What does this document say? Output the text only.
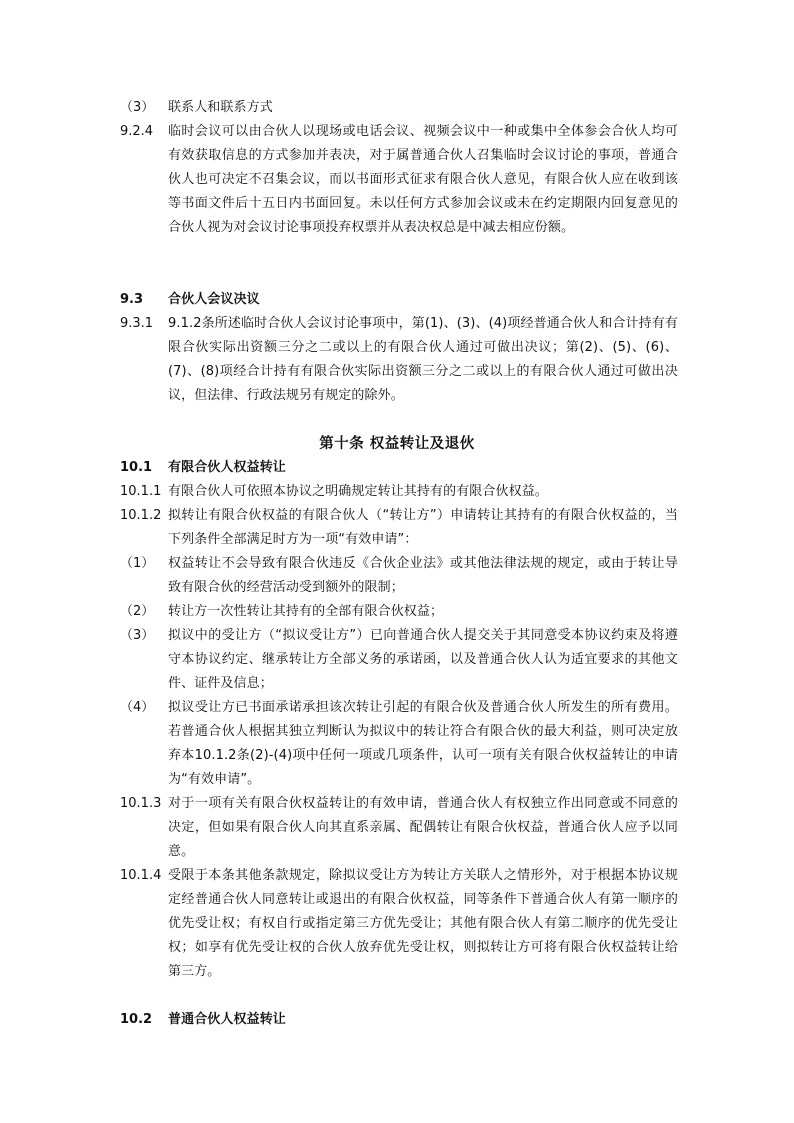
（3） 联系人和联系方式
9.2.4 临时会议可以由合伙人以现场或电话会议、视频会议中一种或集中全体参会合伙人均可有效获取信息的方式参加并表决，对于属普通合伙人召集临时会议讨论的事项，普通合伙人也可决定不召集会议，而以书面形式征求有限合伙人意见，有限合伙人应在收到该等书面文件后十五日内书面回复。未以任何方式参加会议或未在约定期限内回复意见的合伙人视为对会议讨论事项投弃权票并从表决权总是中减去相应份额。
9.3 合伙人会议决议
9.3.1 9.1.2条所述临时合伙人会议讨论事项中，第(1)、(3)、(4)项经普通合伙人和合计持有有限合伙实际出资额三分之二或以上的有限合伙人通过可做出决议；第(2)、(5)、(6)、(7)、(8)项经合计持有有限合伙实际出资额三分之二或以上的有限合伙人通过可做出决议，但法律、行政法规另有规定的除外。
第十条 权益转让及退伙
10.1 有限合伙人权益转让
10.1.1 有限合伙人可依照本协议之明确规定转让其持有的有限合伙权益。
10.1.2 拟转让有限合伙权益的有限合伙人（“转让方”）申请转让其持有的有限合伙权益的，当下列条件全部满足时方为一项“有效申请”：
（1） 权益转让不会导致有限合伙违反《合伙企业法》或其他法律法规的规定，或由于转让导致有限合伙的经营活动受到额外的限制；
（2） 转让方一次性转让其持有的全部有限合伙权益；
（3） 拟议中的受让方（“拟议受让方”）已向普通合伙人提交关于其同意受本协议约束及将遵守本协议约定、继承转让方全部义务的承诺函，以及普通合伙人认为适宜要求的其他文件、证件及信息；
（4） 拟议受让方已书面承诺承担该次转让引起的有限合伙及普通合伙人所发生的所有费用。若普通合伙人根据其独立判断认为拟议中的转让符合有限合伙的最大利益，则可决定放弃本10.1.2条(2)-(4)项中任何一项或几项条件，认可一项有关有限合伙权益转让的申请为“有效申请”。
10.1.3 对于一项有关有限合伙权益转让的有效申请，普通合伙人有权独立作出同意或不同意的决定，但如果有限合伙人向其直系亲属、配偶转让有限合伙权益，普通合伙人应予以同意。
10.1.4 受限于本条其他条款规定，除拟议受让方为转让方关联人之情形外，对于根据本协议规定经普通合伙人同意转让或退出的有限合伙权益，同等条件下普通合伙人有第一顺序的优先受让权；有权自行或指定第三方优先受让；其他有限合伙人有第二顺序的优先受让权；如享有优先受让权的合伙人放弃优先受让权，则拟转让方可将有限合伙权益转让给第三方。
10.2 普通合伙人权益转让
